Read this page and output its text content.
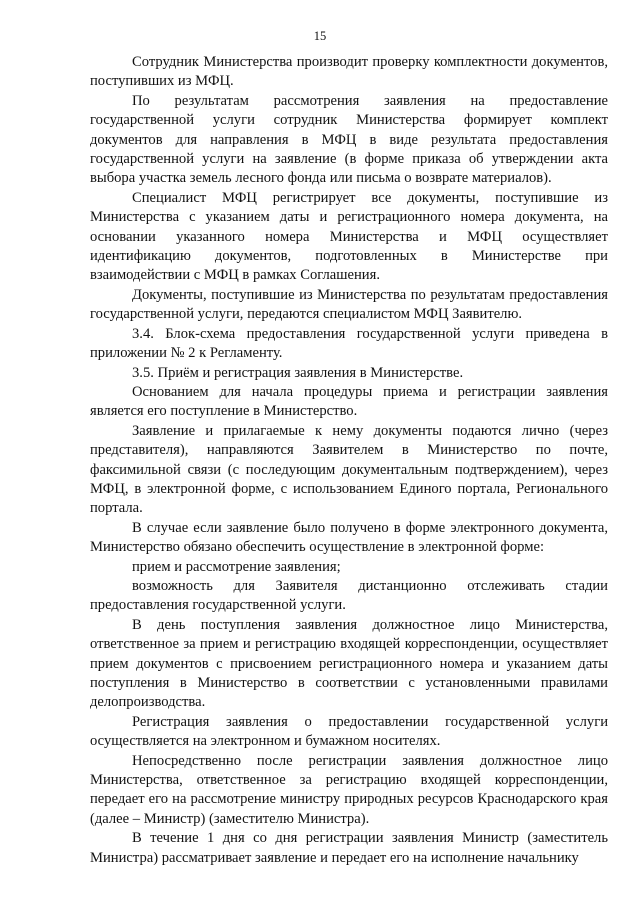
15

Сотрудник Министерства производит проверку комплектности документов, поступивших из МФЦ.

По результатам рассмотрения заявления на предоставление государственной услуги сотрудник Министерства формирует комплект документов для направления в МФЦ в виде результата предоставления государственной услуги на заявление (в форме приказа об утверждении акта выбора участка земель лесного фонда или письма о возврате материалов).

Специалист МФЦ регистрирует все документы, поступившие из Министерства с указанием даты и регистрационного номера документа, на основании указанного номера Министерства и МФЦ осуществляет идентификацию документов, подготовленных в Министерстве при взаимодействии с МФЦ в рамках Соглашения.

Документы, поступившие из Министерства по результатам предоставления государственной услуги, передаются специалистом МФЦ Заявителю.

3.4. Блок-схема предоставления государственной услуги приведена в приложении № 2 к Регламенту.

3.5. Приём и регистрация заявления в Министерстве.

Основанием для начала процедуры приема и регистрации заявления является его поступление в Министерство.

Заявление и прилагаемые к нему документы подаются лично (через представителя), направляются Заявителем в Министерство по почте, факсимильной связи (с последующим документальным подтверждением), через МФЦ, в электронной форме, с использованием Единого портала, Регионального портала.

В случае если заявление было получено в форме электронного документа, Министерство обязано обеспечить осуществление в электронной форме:

прием и рассмотрение заявления;

возможность для Заявителя дистанционно отслеживать стадии предоставления государственной услуги.

В день поступления заявления должностное лицо Министерства, ответственное за прием и регистрацию входящей корреспонденции, осуществляет прием документов с присвоением регистрационного номера и указанием даты поступления в Министерство в соответствии с установленными правилами делопроизводства.

Регистрация заявления о предоставлении государственной услуги осуществляется на электронном и бумажном носителях.

Непосредственно после регистрации заявления должностное лицо Министерства, ответственное за регистрацию входящей корреспонденции, передает его на рассмотрение министру природных ресурсов Краснодарского края (далее – Министр) (заместителю Министра).

В течение 1 дня со дня регистрации заявления Министр (заместитель Министра) рассматривает заявление и передает его на исполнение начальнику
